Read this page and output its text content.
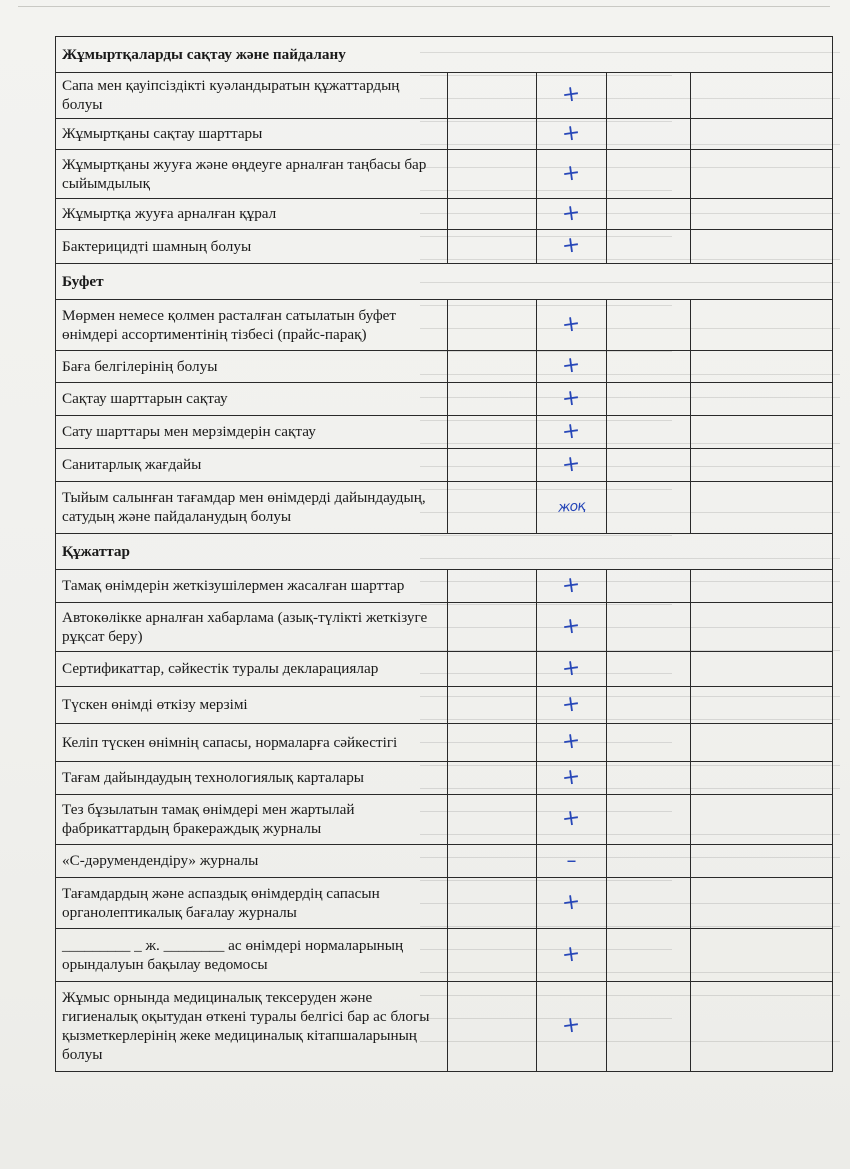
Жұмыртқаларды сақтау және пайдалану				
Сапа мен қауіпсіздікті куәландыратын құжаттардың болуы		+		
Жұмыртқаны сақтау шарттары		+		
Жұмыртқаны жууға және өңдеуге арналған таңбасы бар сыйымдылық		+		
Жұмыртқа жууға арналған құрал		+		
Бактерицидті шамның болуы		+		
Буфет				
Мөрмен немесе қолмен расталған сатылатын буфет өнімдері ассортиментінің тізбесі (прайс-парақ)		+		
Баға белгілерінің болуы		+		
Сақтау шарттарын сақтау		+		
Сату шарттары мен мерзімдерін сақтау		+		
Санитарлық жағдайы		+		
Тыйым салынған тағамдар мен өнімдерді дайындаудың, сатудың және пайдаланудың болуы		жоқ		
Құжаттар				
Тамақ өнімдерін жеткізушілермен жасалған шарттар		+		
Автокөлікке арналған хабарлама (азық-түлікті жеткізуге рұқсат беру)		+		
Сертификаттар, сәйкестік туралы декларациялар		+		
Түскен өнімді өткізу мерзімі		+		
Келіп түскен өнімнің сапасы, нормаларға сәйкестігі		+		
Тағам дайындаудың технологиялық карталары		+		
Тез бұзылатын тамақ өнімдері мен жартылай фабрикаттардың бракераждық журналы		+		
«С-дәрумендендіру» журналы		–		
Тағамдардың және аспаздық өнімдердің сапасын органолептикалық бағалау журналы		+		
_________ _ ж. ________ ас өнімдері нормаларының орындалуын бақылау ведомосы		+		
Жұмыс орнында медициналық тексеруден және гигиеналық оқытудан өткені туралы белгісі бар ас блогы қызметкерлерінің жеке медициналық кітапшаларының болуы		+		
